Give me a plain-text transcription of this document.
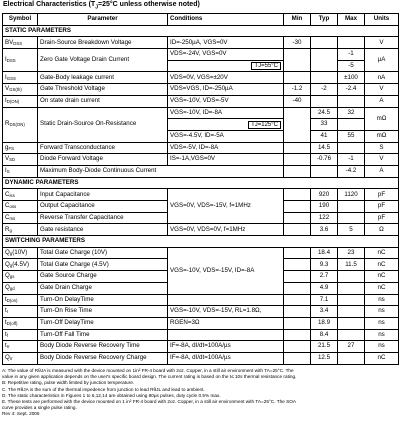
Electrical Characteristics ($T_J=25^\circ C$ unless otherwise noted)
Symbol	Parameter	Conditions	Min	Typ	Max	Units
STATIC PARAMETERS						
$BV_{DSS}$	Drain-Source Breakdown Voltage	ID=-250µA, VGS=0V	-30			V
$I_{DSS}$	Zero Gate Voltage Drain Current	VDS=-24V, VGS=0V			-1	µA

		TJ=55°C			-5	
$I_{GSS}$	Gate-Body leakage current	VDS=0V, VGS=±20V			±100	nA
$V_{GS(th)}$	Gate Threshold Voltage	VDS=VGS, ID=-250µA	-1.2	-2	-2.4	V
$I_{D(ON)}$	On state drain current	VGS=-10V, VDS=-5V	-40			A
$R_{DS(ON)}$	Static Drain-Source On-Resistance	VGS=-10V, ID=-8A		24.5	32	mΩ

		TJ=125°C		33		
		VGS=-4.5V, ID=-5A		41	55	mΩ
$g_{FS}$	Forward Transconductance	VDS=-5V, ID=-8A		14.5		S
$V_{SD}$	Diode Forward Voltage	IS=-1A,VGS=0V		-0.76	-1	V
$I_S$	Maximum Body-Diode Continuous Current				-4.2	A
DYNAMIC PARAMETERS						
$C_{iss}$	Input Capacitance	VGS=0V, VDS=-15V, f=1MHz		920	1120	pF
$C_{oss}$	Output Capacitance			190		pF
$C_{rss}$	Reverse Transfer Capacitance			122		pF
$R_g$	Gate resistance	VGS=0V, VDS=0V, f=1MHz		3.6	5	Ω
SWITCHING PARAMETERS						
$Q_g(10V)$	Total Gate Charge (10V)	VGS=-10V, VDS=-15V, ID=-8A		18.4	23	nC
$Q_g(4.5V)$	Total Gate Charge (4.5V)			9.3	11.5	nC
$Q_{gs}$	Gate Source Charge			2.7		nC
$Q_{gd}$	Gate Drain Charge			4.9		nC
$t_{D(on)}$	Turn-On DelayTime			7.1		ns
$t_r$	Turn-On Rise Time	VGS=-10V, VDS=-15V, RL=1.8Ω,		3.4		ns
$t_{D(off)}$	Turn-Off DelayTime	RGEN=3Ω		18.9		ns
$t_f$	Turn-Off Fall Time			8.4		ns
$t_{rr}$	Body Diode Reverse Recovery Time	IF=-8A, dI/dt=100A/µs		21.5	27	ns
$Q_{rr}$	Body Diode Reverse Recovery Charge	IF=-8A, dI/dt=100A/µs		12.5		nC
A: The value of RθJA is measured with the device mounted on 1in² FR-4 board with 2oz. Copper, in a still air environment with TA=25°C. The
value in any given application depends on the user's specific board design. The current rating is based on the t≤ 10s thermal resistance rating.
B: Repetitive rating, pulse width limited by junction temperature.
C. The RθJA is the sum of the thermal impedence from junction to lead RθJL and lead to ambient.
D. The static characteristics in Figures 1 to 6,12,14 are obtained using 80µs pulses, duty cycle 0.5% max.
E. These tests are performed with the device mounted on 1 in² FR-4 board with 2oz. Copper, in a still air environment with TA=25°C. The SOA
curve provides a single pulse rating.
Rev 4: Sept. 2005
